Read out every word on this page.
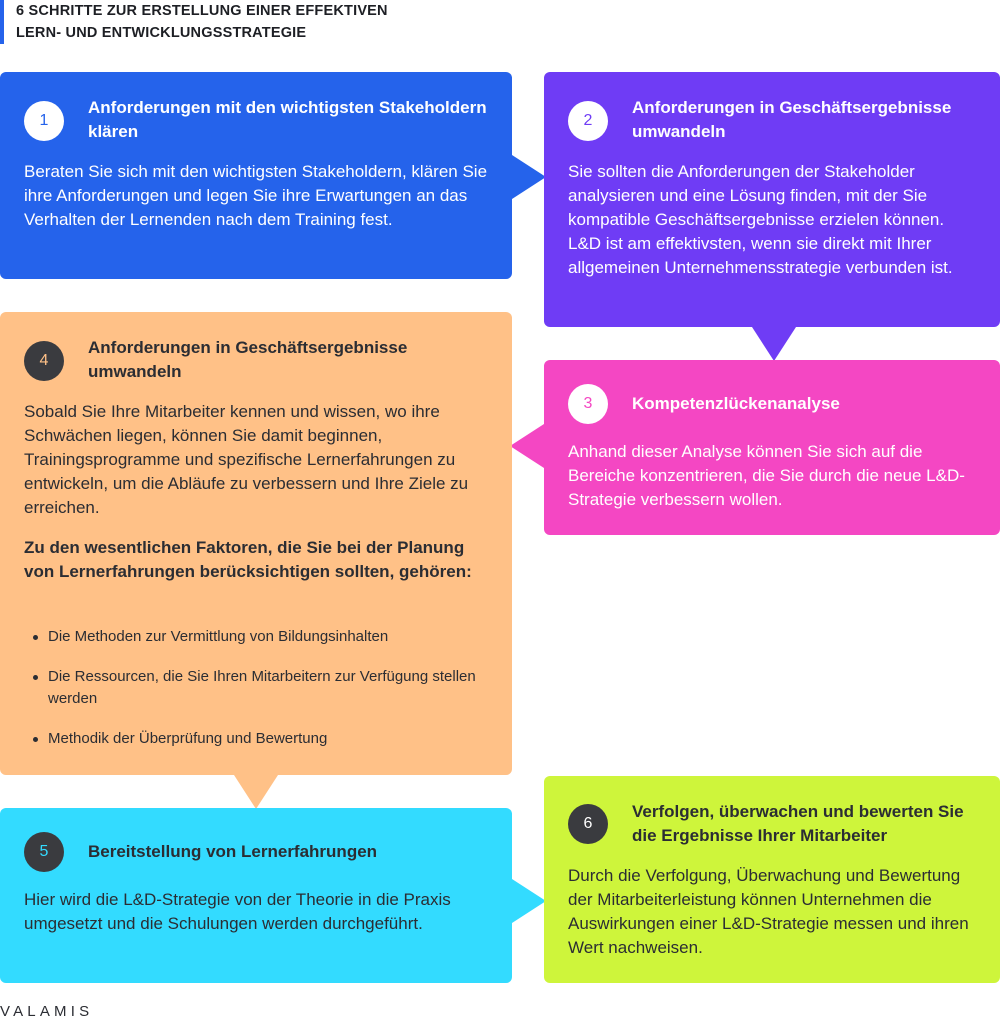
6 SCHRITTE ZUR ERSTELLUNG EINER EFFEKTIVEN
LERN- UND ENTWICKLUNGSSTRATEGIE
1
Anforderungen mit den wichtigsten Stakeholdern klären

Beraten Sie sich mit den wichtigsten Stakeholdern, klären Sie ihre Anforderungen und legen Sie ihre Erwartungen an das Verhalten der Lernenden nach dem Training fest.

2
Anforderungen in Geschäftsergebnisse umwandeln

Sie sollten die Anforderungen der Stakeholder analysieren und eine Lösung finden, mit der Sie kompatible Geschäftsergebnisse erzielen können. L&D ist am effektivsten, wenn sie direkt mit Ihrer allgemeinen Unternehmensstrategie verbunden ist.

3	Kompetenzlückenanalyse

Anhand dieser Analyse können Sie sich auf die Bereiche konzentrieren, die Sie durch die neue L&D-Strategie verbessern wollen.

4
Anforderungen in Geschäftsergebnisse umwandeln

Sobald Sie Ihre Mitarbeiter kennen und wissen, wo ihre Schwächen liegen, können Sie damit beginnen, Trainingsprogramme und spezifische Lernerfahrungen zu entwickeln, um die Abläufe zu verbessern und Ihre Ziele zu erreichen.

Zu den wesentlichen Faktoren, die Sie bei der Planung von Lernerfahrungen berücksichtigen sollten, gehören:

Die Methoden zur Vermittlung von Bildungsinhalten
Die Ressourcen, die Sie Ihren Mitarbeitern zur Verfügung stellen werden
Methodik der Überprüfung und Bewertung
5	Bereitstellung von Lernerfahrungen

Hier wird die L&D-Strategie von der Theorie in die Praxis umgesetzt und die Schulungen werden durchgeführt.

6
Verfolgen, überwachen und bewerten Sie die Ergebnisse Ihrer Mitarbeiter

Durch die Verfolgung, Überwachung und Bewertung der Mitarbeiterleistung können Unternehmen die Auswirkungen einer L&D-Strategie messen und ihren Wert nachweisen.

VALAMIS
